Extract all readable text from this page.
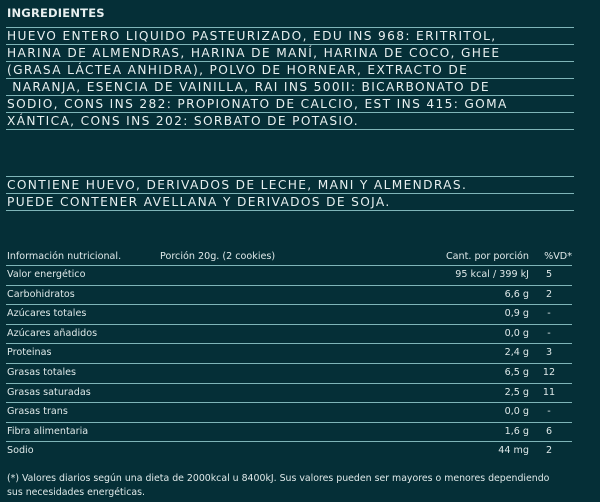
INGREDIENTES
HUEVO ENTERO LIQUIDO PASTEURIZADO, EDU INS 968: ERITRITOL,
HARINA DE ALMENDRAS, HARINA DE MANÍ, HARINA DE COCO, GHEE
(GRASA LÁCTEA ANHIDRA), POLVO DE HORNEAR, EXTRACTO DE
NARANJA, ESENCIA DE VAINILLA, RAI INS 500II: BICARBONATO DE
SODIO, CONS INS 282: PROPIONATO DE CALCIO, EST INS 415: GOMA
XÁNTICA, CONS INS 202: SORBATO DE POTASIO.
CONTIENE HUEVO, DERIVADOS DE LECHE, MANI Y ALMENDRAS.
PUEDE CONTENER AVELLANA Y DERIVADOS DE SOJA.
Información nutricional.	Porción 20g. (2 cookies)	Cant. por porción	%VD*
Valor energético	95 kcal / 399 kJ	5
Carbohidratos	6,6 g	2
Azúcares totales	0,9 g	-
Azúcares añadidos	0,0 g	-
Proteinas	2,4 g	3
Grasas totales	6,5 g	12
Grasas saturadas	2,5 g	11
Grasas trans	0,0 g	-
Fibra alimentaria	1,6 g	6
Sodio	44 mg	2
(*) Valores diarios según una dieta de 2000kcal u 8400kJ. Sus valores pueden ser mayores o menores dependiendo
sus necesidades energéticas.
